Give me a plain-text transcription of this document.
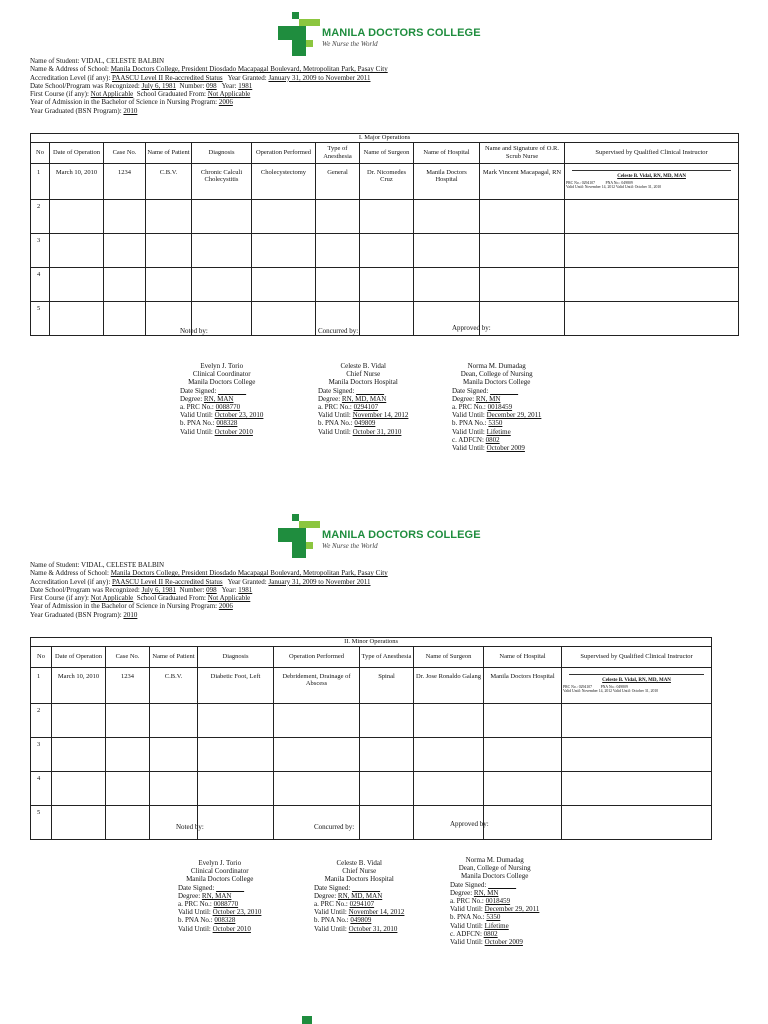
MANILA DOCTORS COLLEGE
We Nurse the World
Name of Student: VIDAL, CELESTE BALBIN
Name & Address of School: Manila Doctors College, President Diosdado Macapagal Boulevard, Metropolitan Park, Pasay City
Accreditation Level (if any): PAASCU Level II Re-accredited Status Year Granted: January 31, 2009 to November 2011
Date School/Program was Recognized: July 6, 1981 Number: 098 Year: 1981
First Course (if any): Not Applicable School Graduated From: Not Applicable
Year of Admission in the Bachelor of Science in Nursing Program: 2006
Year Graduated (BSN Program): 2010
I. Major Operations										
No	Date of Operation	Case No.	Name of Patient	Diagnosis	Operation Performed	Type of Anesthesia	Name of Surgeon	Name of Hospital	Name and Signature of O.R. Scrub Nurse	Supervised by Qualified Clinical Instructor
1	March 10, 2010	1234	C.B.V.	Chronic Calculi Cholecystitis	Cholecystectomy	General	Dr. Nicomedes Cruz	Manila Doctors Hospital	Mark Vincent Macapagal, RN	Celeste B. Vidal, RN, MD, MAN
PRC No.: 0294107 PNA No.: 049809
Valid Until: November 14, 2012 Valid Until: October 31, 2010

2										
3										
4										
5										
Noted by:	Concurred by:	Approved by:
Evelyn J. Torio
Clinical Coordinator
Manila Doctors College
Date Signed:
Degree: RN, MAN
a. PRC No.: 0088770
Valid Until: October 23, 2010
b. PNA No.: 008328
Valid Until: October 2010
Celeste B. Vidal
Chief Nurse
Manila Doctors Hospital
Date Signed:
Degree: RN, MD, MAN
a. PRC No.: 0294107
Valid Until: November 14, 2012
b. PNA No.: 049809
Valid Until: October 31, 2010
Norma M. Dumadag
Dean, College of Nursing
Manila Doctors College
Date Signed:
Degree: RN, MN
a. PRC No.: 0018459
Valid Until: December 29, 2011
b. PNA No.: 5350
Valid Until: Lifetime
c. ADFCN: 0802
Valid Until: October 2009
MANILA DOCTORS COLLEGE
We Nurse the World
Name of Student: VIDAL, CELESTE BALBIN
Name & Address of School: Manila Doctors College, President Diosdado Macapagal Boulevard, Metropolitan Park, Pasay City
Accreditation Level (if any): PAASCU Level II Re-accredited Status Year Granted: January 31, 2009 to November 2011
Date School/Program was Recognized: July 6, 1981 Number: 098 Year: 1981
First Course (if any): Not Applicable School Graduated From: Not Applicable
Year of Admission in the Bachelor of Science in Nursing Program: 2006
Year Graduated (BSN Program): 2010
II. Minor Operations									
No	Date of Operation	Case No.	Name of Patient	Diagnosis	Operation Performed	Type of Anesthesia	Name of Surgeon	Name of Hospital	Supervised by Qualified Clinical Instructor
1	March 10, 2010	1234	C.B.V.	Diabetic Foot, Left	Debridement, Drainage of Abscess	Spinal	Dr. Jose Ronaldo Galang	Manila Doctors Hospital	Celeste B. Vidal, RN, MD, MAN
PRC No.: 0294107 PNA No.: 049809
Valid Until: November 14, 2012 Valid Until: October 31, 2010

2									
3									
4									
5									
Noted by:	Concurred by:	Approved by:
Evelyn J. Torio
Clinical Coordinator
Manila Doctors College
Date Signed:
Degree: RN, MAN
a. PRC No.: 0088770
Valid Until: October 23, 2010
b. PNA No.: 008328
Valid Until: October 2010
Celeste B. Vidal
Chief Nurse
Manila Doctors Hospital
Date Signed:
Degree: RN, MD, MAN
a. PRC No.: 0294107
Valid Until: November 14, 2012
b. PNA No.: 049809
Valid Until: October 31, 2010
Norma M. Dumadag
Dean, College of Nursing
Manila Doctors College
Date Signed:
Degree: RN, MN
a. PRC No.: 0018459
Valid Until: December 29, 2011
b. PNA No.: 5350
Valid Until: Lifetime
c. ADFCN: 0802
Valid Until: October 2009
